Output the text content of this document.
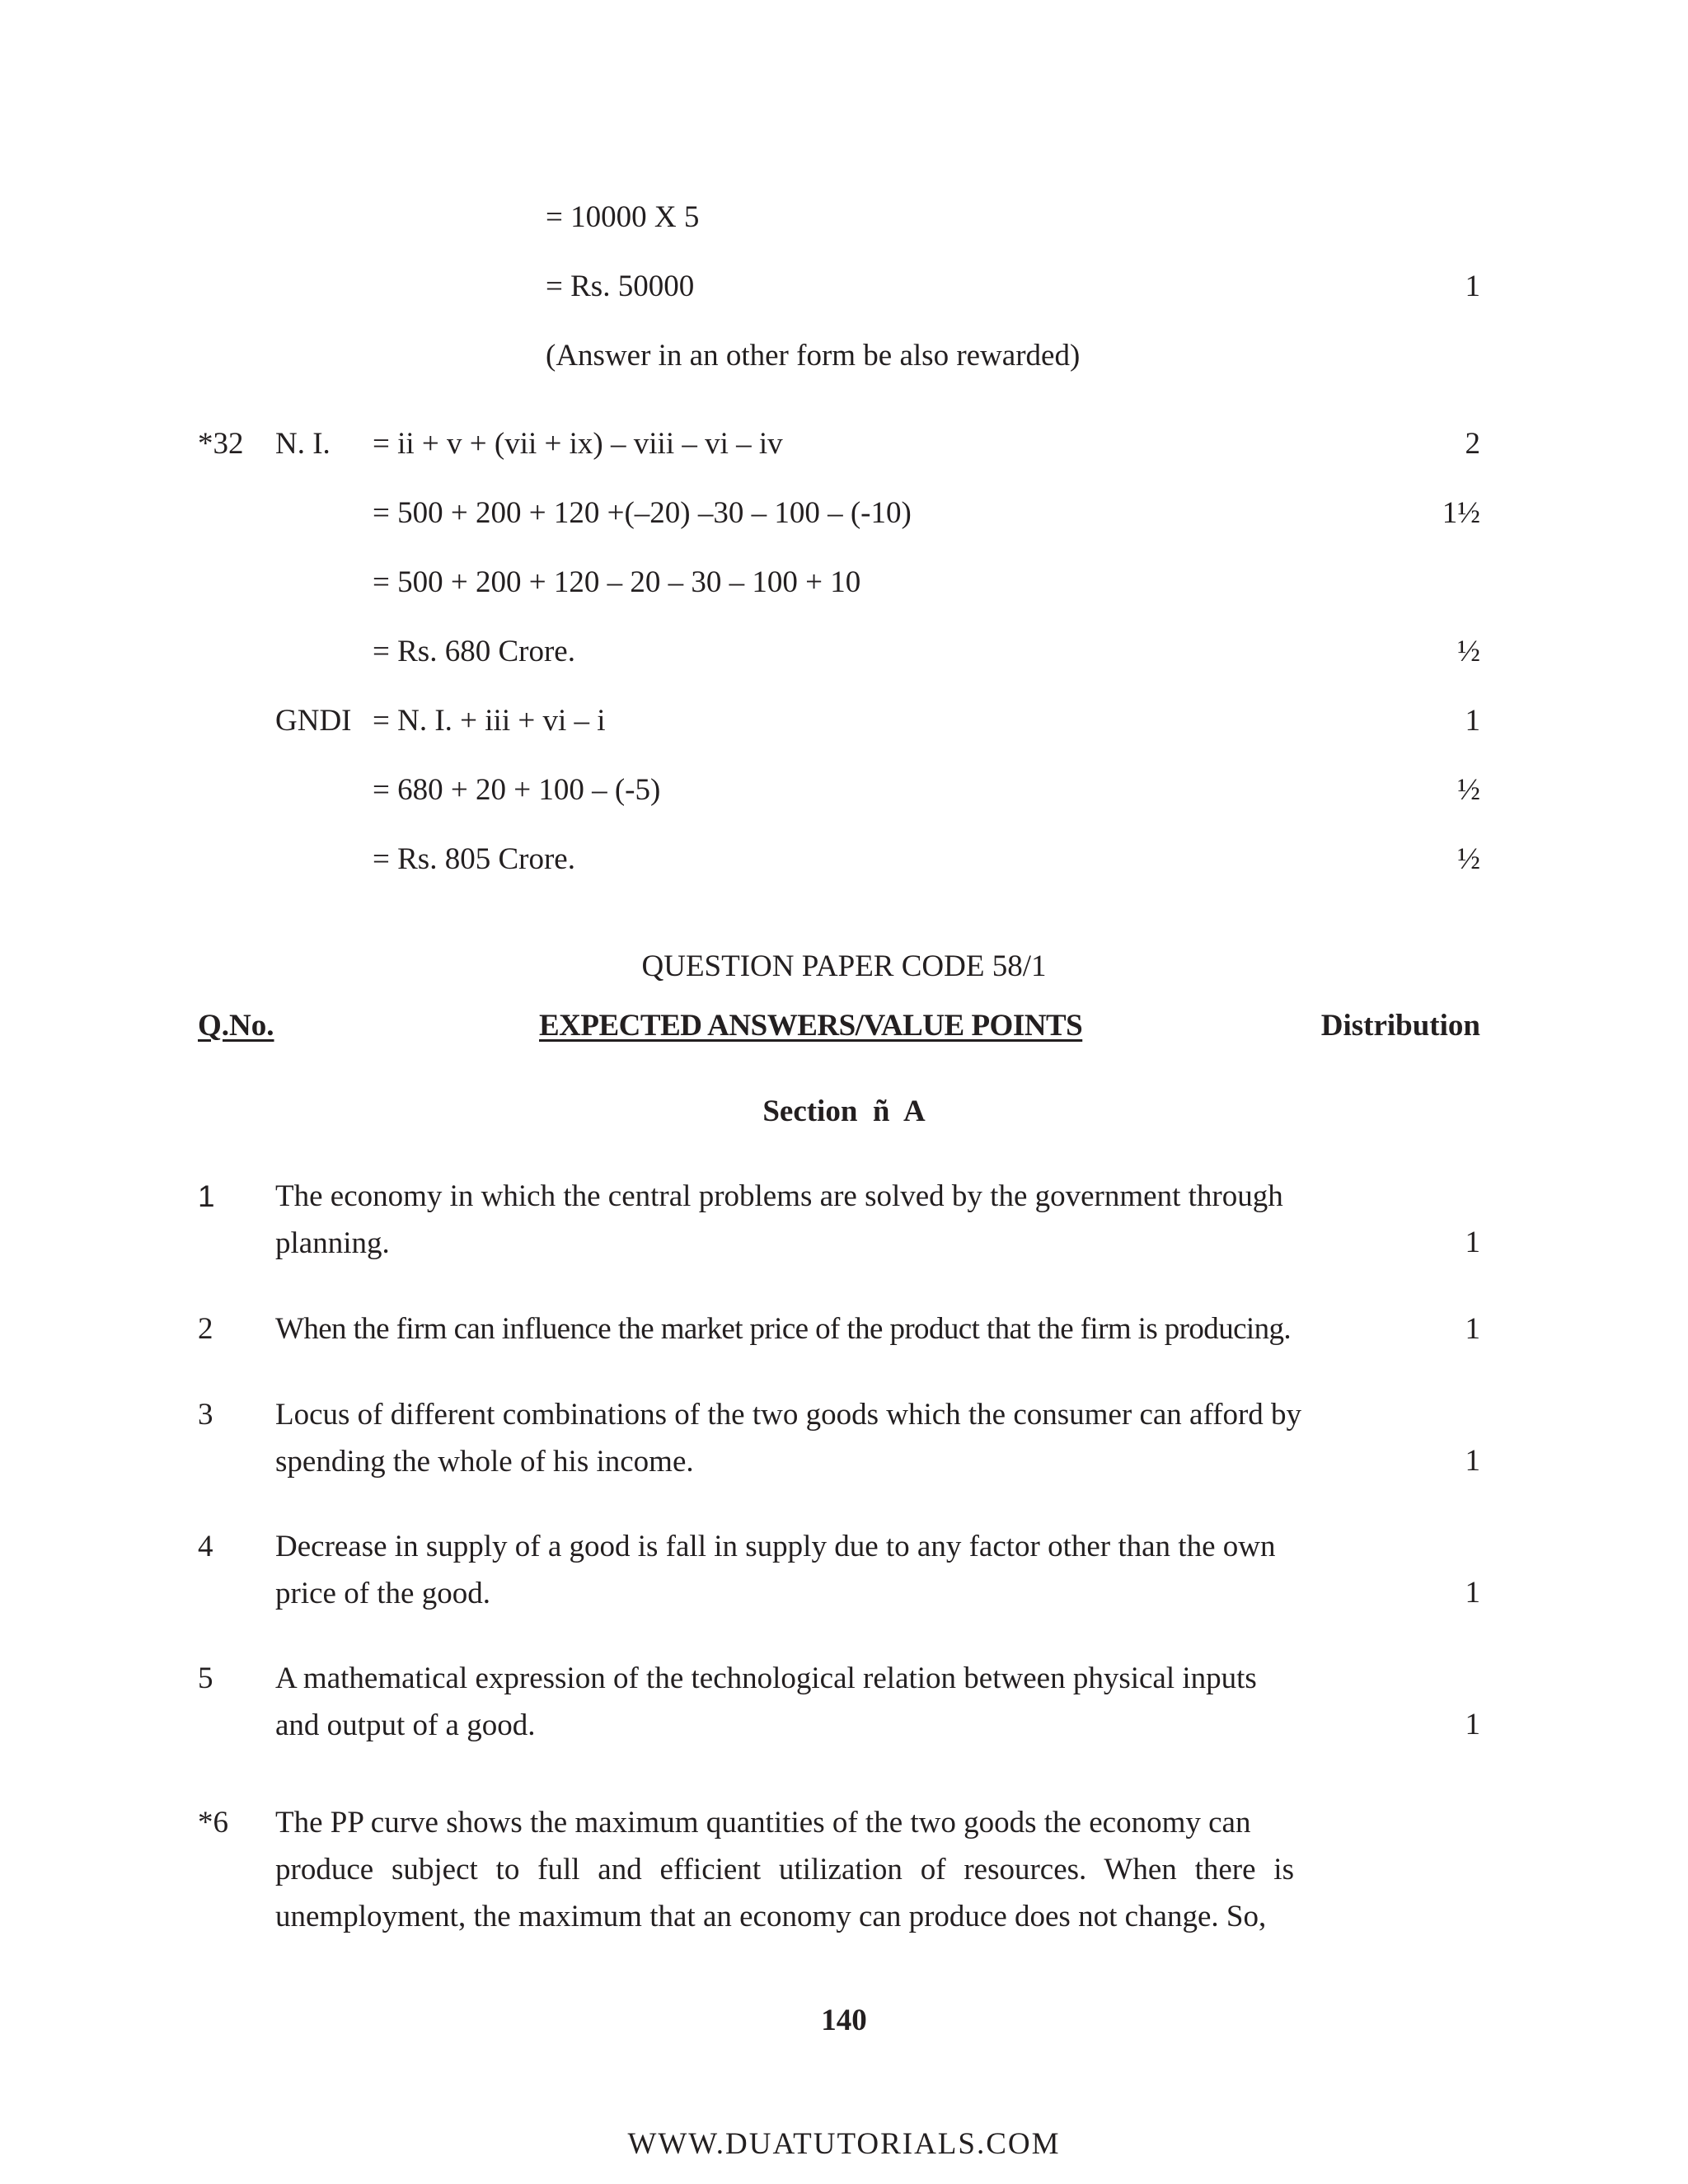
= 10000 X 5
= Rs. 50000	1
(Answer in an other form be also rewarded)
*32 N. I. = ii + v + (vii + ix) – viii – vi – iv	2
= 500 + 200 + 120 +(–20) –30 – 100 – (-10)	1½
= 500 + 200 + 120 – 20 – 30 – 100 + 10
= Rs. 680 Crore.	½
GNDI = N. I. + iii + vi – i	1
= 680 + 20 + 100 – (-5)	½
= Rs. 805 Crore.	½
QUESTION PAPER CODE 58/1
Q.No.	EXPECTED ANSWERS/VALUE POINTS	Distribution
Section  ñ  A
1 The economy in which the central problems are solved by the government through
planning.	1
2 When the firm can influence the market price of the product that the firm is producing.	1
3 Locus of different combinations of the two goods which the consumer can afford by
spending the whole of his income.	1
4 Decrease in supply of a good is fall in supply due to any factor other than the own
price of the good.	1
5 A mathematical expression of the technological relation between physical inputs
and output of a good.	1
*6 The PP curve shows the maximum quantities of the two goods the economy can
produce subject to full and efficient utilization of resources. When there is
unemployment, the maximum that an economy can produce does not change. So,
140
WWW.DUATUTORIALS.COM
